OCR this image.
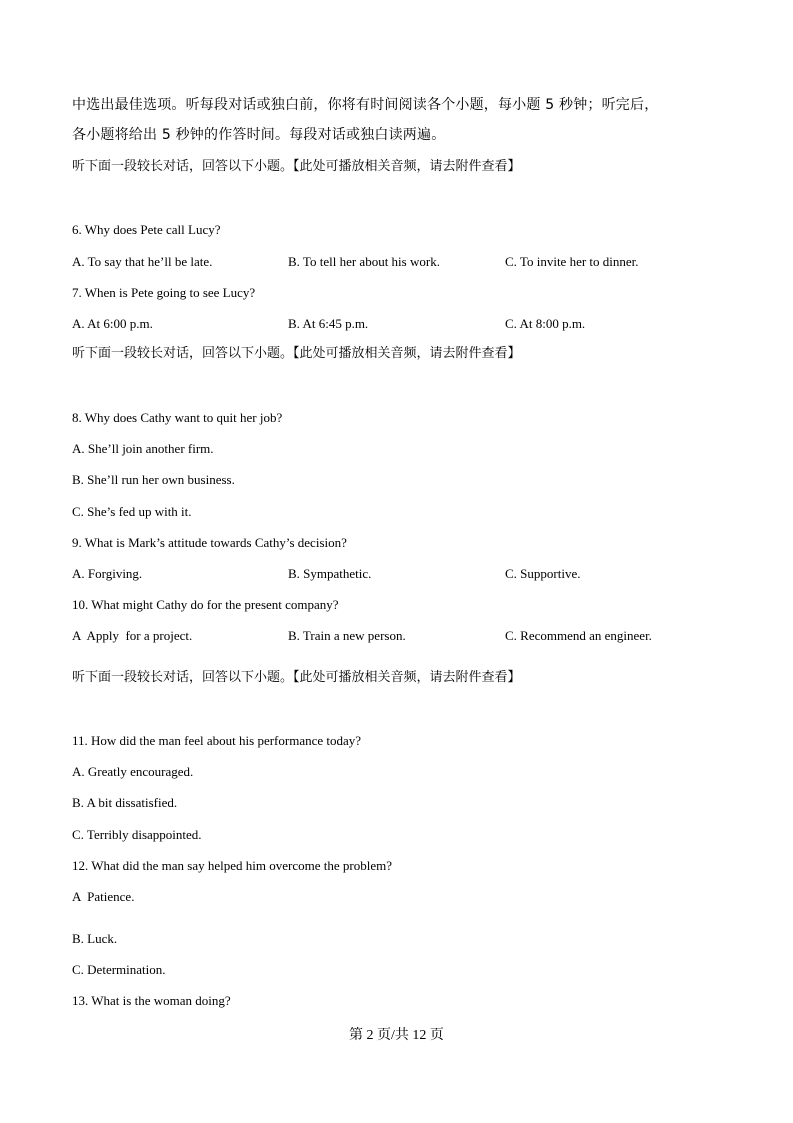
中选出最佳选项。听每段对话或独白前，你将有时间阅读各个小题，每小题 5 秒钟；听完后，
各小题将给出 5 秒钟的作答时间。每段对话或独白读两遍。
听下面一段较长对话，回答以下小题。【此处可播放相关音频，请去附件查看】
6. Why does Pete call Lucy?
A. To say that he’ll be late.	B. To tell her about his work.	C. To invite her to dinner.
7. When is Pete going to see Lucy?
A. At 6:00 p.m.	B. At 6:45 p.m.	C. At 8:00 p.m.
听下面一段较长对话，回答以下小题。【此处可播放相关音频，请去附件查看】
8. Why does Cathy want to quit her job?
A. She’ll join another firm.
B. She’ll run her own business.
C. She’s fed up with it.
9. What is Mark’s attitude towards Cathy’s decision?
A. Forgiving.	B. Sympathetic.	C. Supportive.
10. What might Cathy do for the present company?
A  Apply  for a project.	B. Train a new person.	C. Recommend an engineer.
听下面一段较长对话，回答以下小题。【此处可播放相关音频，请去附件查看】
11. How did the man feel about his performance today?
A. Greatly encouraged.
B. A bit dissatisfied.
C. Terribly disappointed.
12. What did the man say helped him overcome the problem?
A  Patience.
B. Luck.
C. Determination.
13. What is the woman doing?
第 2 页/共 12 页
